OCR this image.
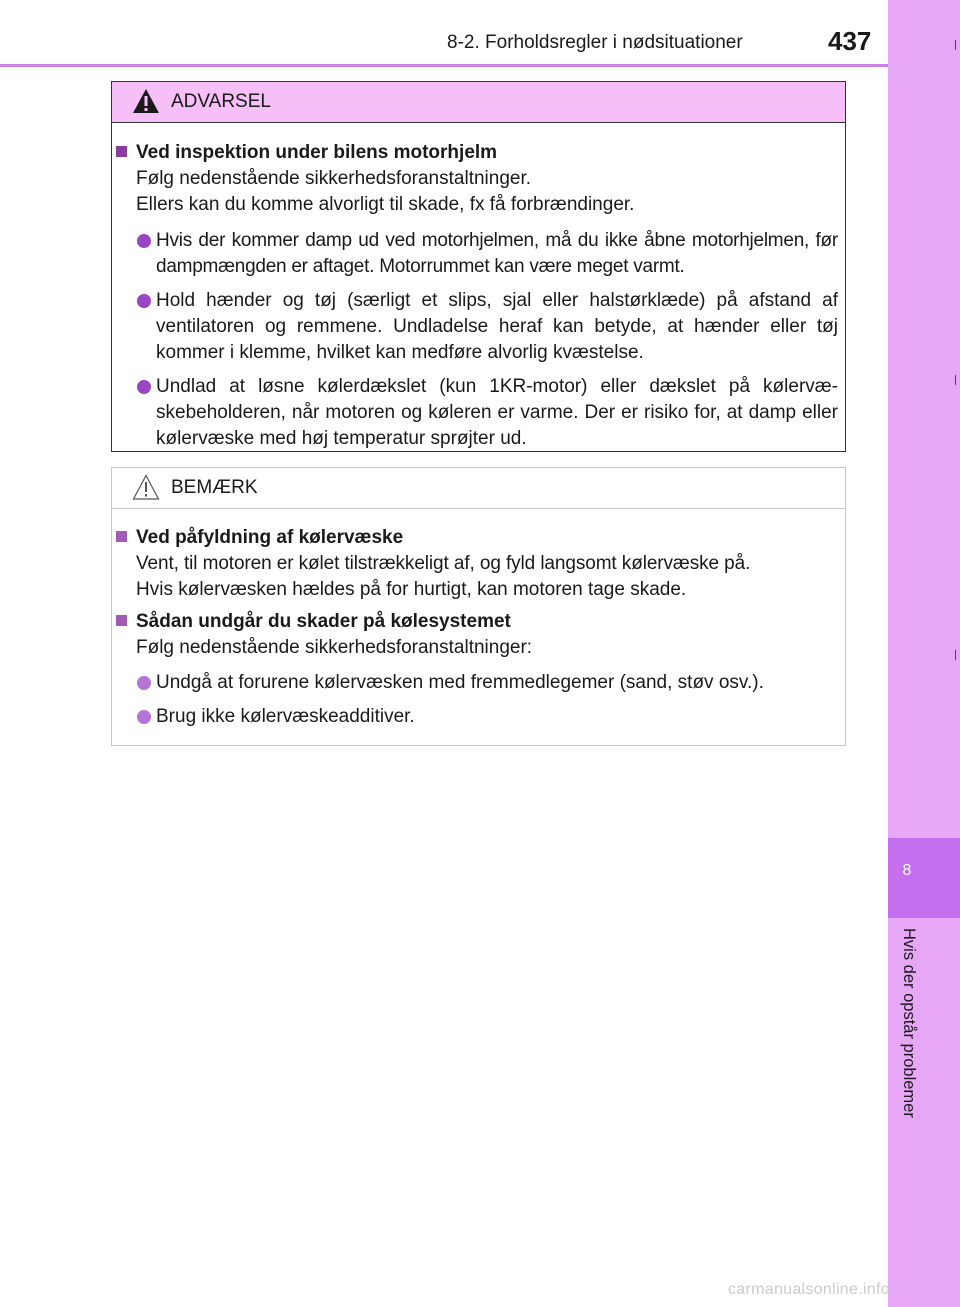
8-2. Forholdsregler i nødsituationer	437
8
Hvis der opstår problemer
ADVARSEL
Ved inspektion under bilens motorhjelm
Følg nedenstående sikkerhedsforanstaltninger.
Ellers kan du komme alvorligt til skade, fx få forbrændinger.
Hvis der kommer damp ud ved motorhjelmen, må du ikke åbne motorhjelmen, før dampmængden er aftaget. Motorrummet kan være meget varmt.
Hold hænder og tøj (særligt et slips, sjal eller halstørklæde) på afstand af ventilatoren og remmene. Undladelse heraf kan betyde, at hænder eller tøj kommer i klemme, hvilket kan medføre alvorlig kvæstelse.
Undlad at løsne kølerdækslet (kun 1KR-motor) eller dækslet på kølervæ-skebeholderen, når motoren og køleren er varme. Der er risiko for, at damp eller kølervæske med høj temperatur sprøjter ud.
BEMÆRK
Ved påfyldning af kølervæske
Vent, til motoren er kølet tilstrækkeligt af, og fyld langsomt kølervæske på.
Hvis kølervæsken hældes på for hurtigt, kan motoren tage skade.
Sådan undgår du skader på kølesystemet
Følg nedenstående sikkerhedsforanstaltninger:
Undgå at forurene kølervæsken med fremmedlegemer (sand, støv osv.).
Brug ikke kølervæskeadditiver.
carmanualsonline.info
